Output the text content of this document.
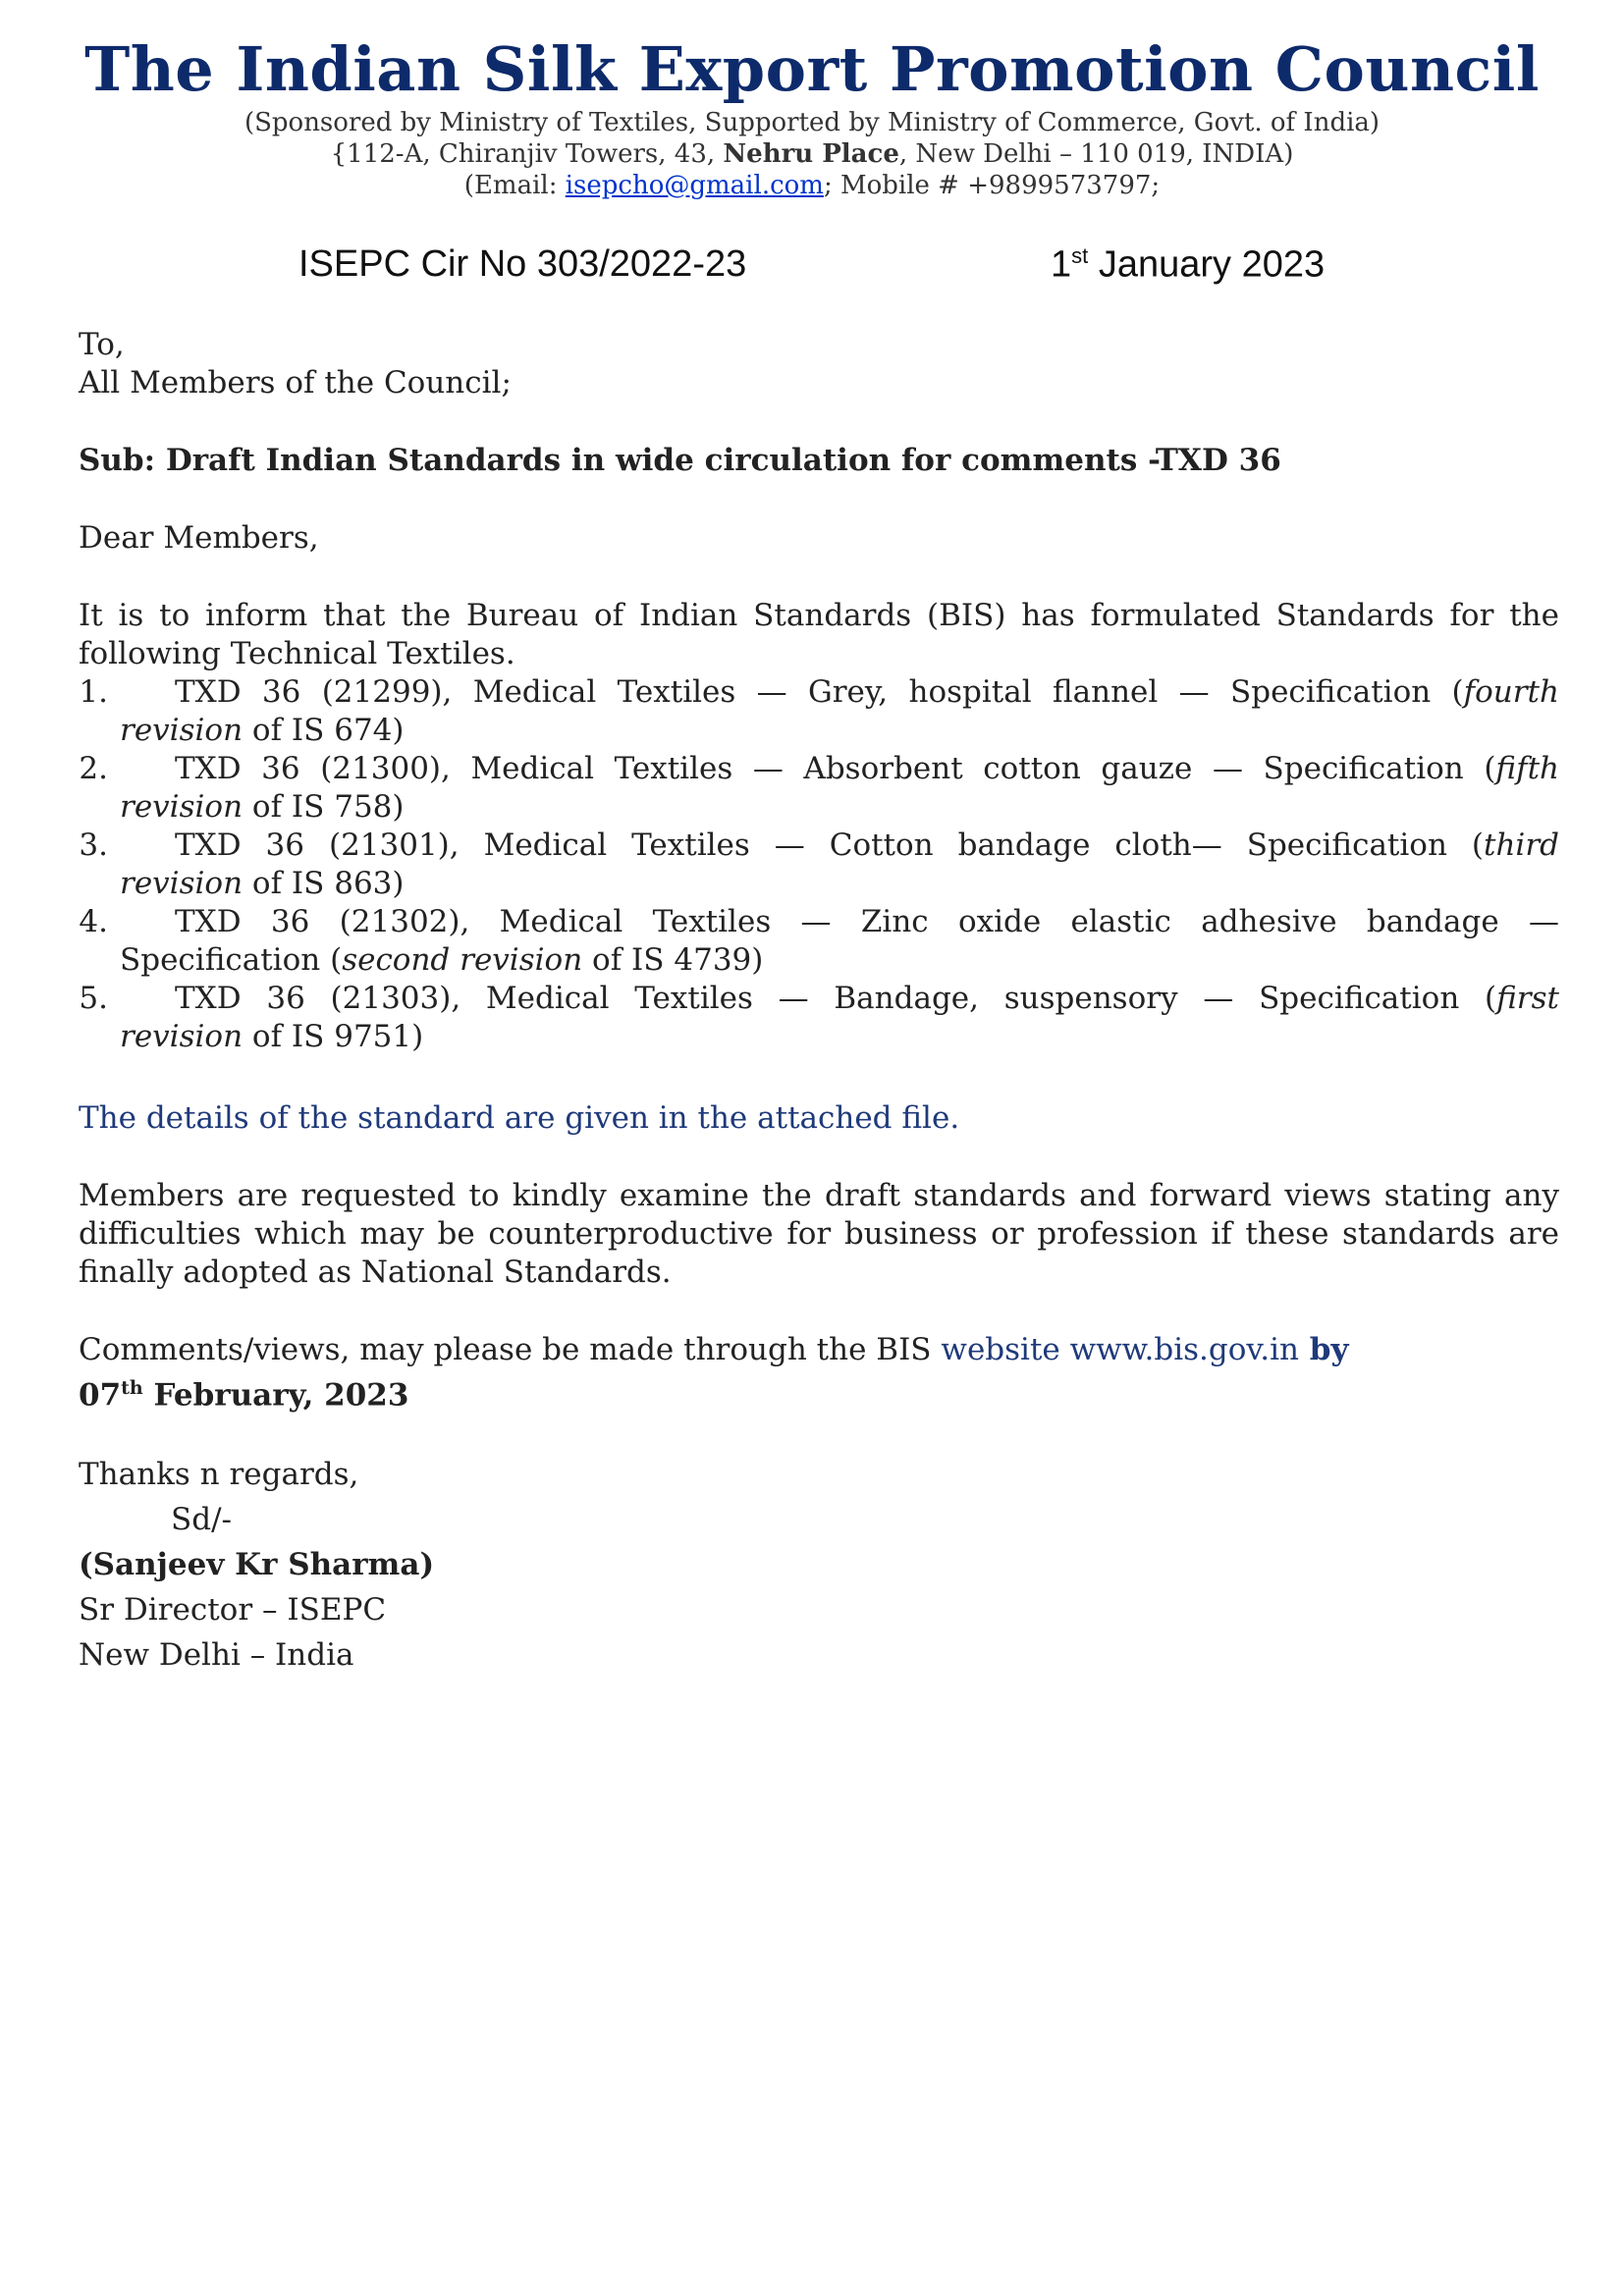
The Indian Silk Export Promotion Council
(Sponsored by Ministry of Textiles, Supported by Ministry of Commerce, Govt. of India)
{112-A, Chiranjiv Towers, 43, Nehru Place, New Delhi – 110 019, INDIA)
(Email: isepcho@gmail.com; Mobile # +9899573797;
ISEPC Cir No 303/2022-23	1st January 2023
To,
All Members of the Council;
Sub: Draft Indian Standards in wide circulation for comments -TXD 36
Dear Members,
It is to inform that the Bureau of Indian Standards (BIS) has formulated Standards for the following Technical Textiles.
1.	TXD 36 (21299), Medical Textiles — Grey, hospital flannel — Specification (fourth
revision of IS 674)
2.	TXD 36 (21300), Medical Textiles — Absorbent cotton gauze — Specification (fifth
revision of IS 758)
3.	TXD 36 (21301), Medical Textiles — Cotton bandage cloth— Specification (third
revision of IS 863)
4.	TXD 36 (21302), Medical Textiles — Zinc oxide elastic adhesive bandage —
Specification (second revision of IS 4739)
5.	TXD 36 (21303), Medical Textiles — Bandage, suspensory — Specification (first
revision of IS 9751)
The details of the standard are given in the attached file.
Members are requested to kindly examine the draft standards and forward views stating any difficulties which may be counterproductive for business or profession if these standards are finally adopted as National Standards.
Comments/views, may please be made through the BIS website www.bis.gov.in by
07th February, 2023
Thanks n regards,
Sd/-
(Sanjeev Kr Sharma)
Sr Director – ISEPC
New Delhi – India
